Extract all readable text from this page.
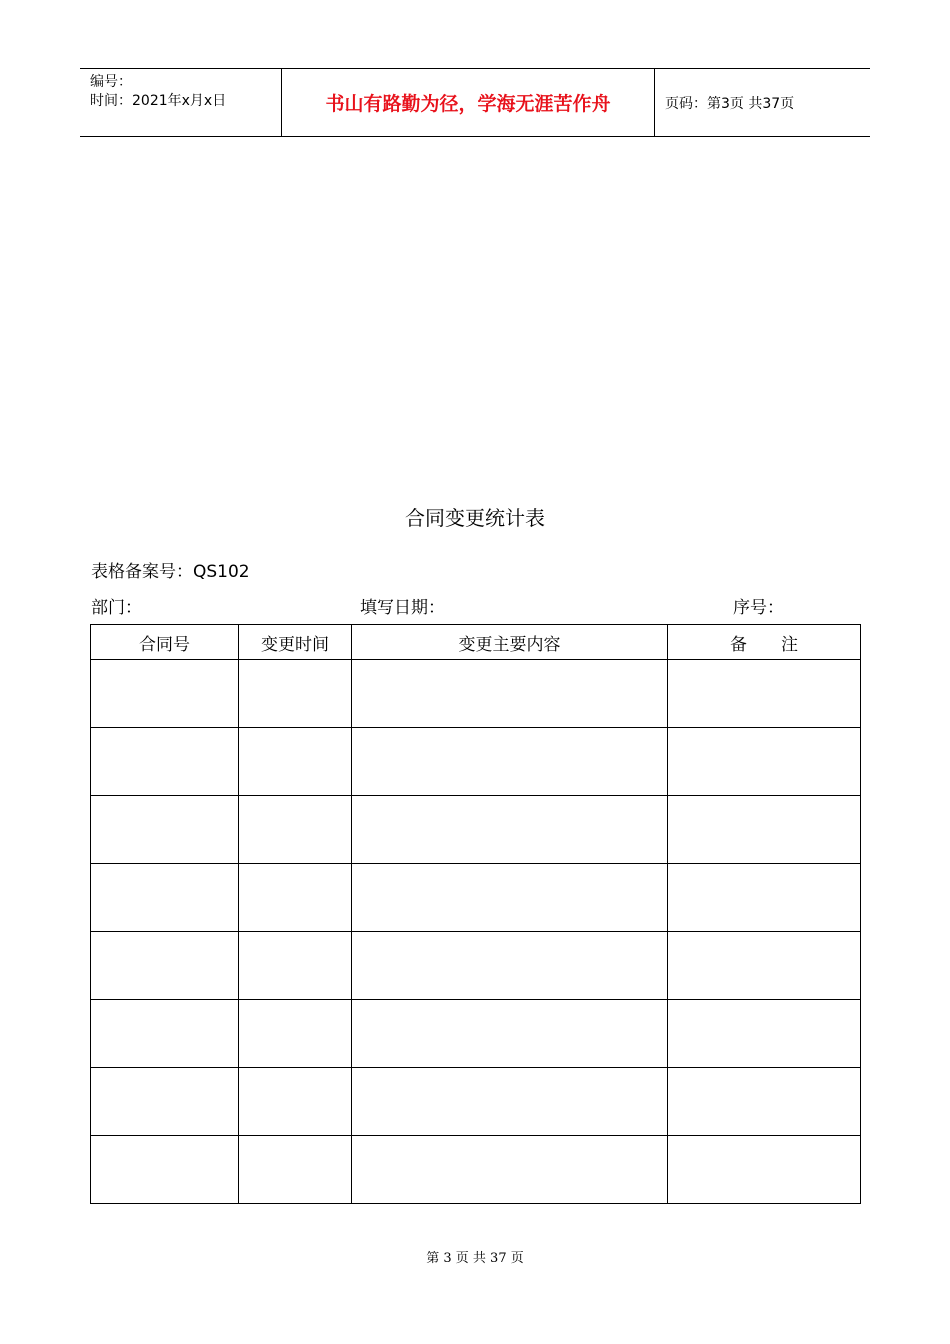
编号：
时间：2021年x月x日	书山有路勤为径，学海无涯苦作舟	页码：第3页 共37页
合同变更统计表
表格备案号：QS102
部门：	填写日期：	序号：
合同号	变更时间	变更主要内容	备　　注

第 3 页 共 37 页
